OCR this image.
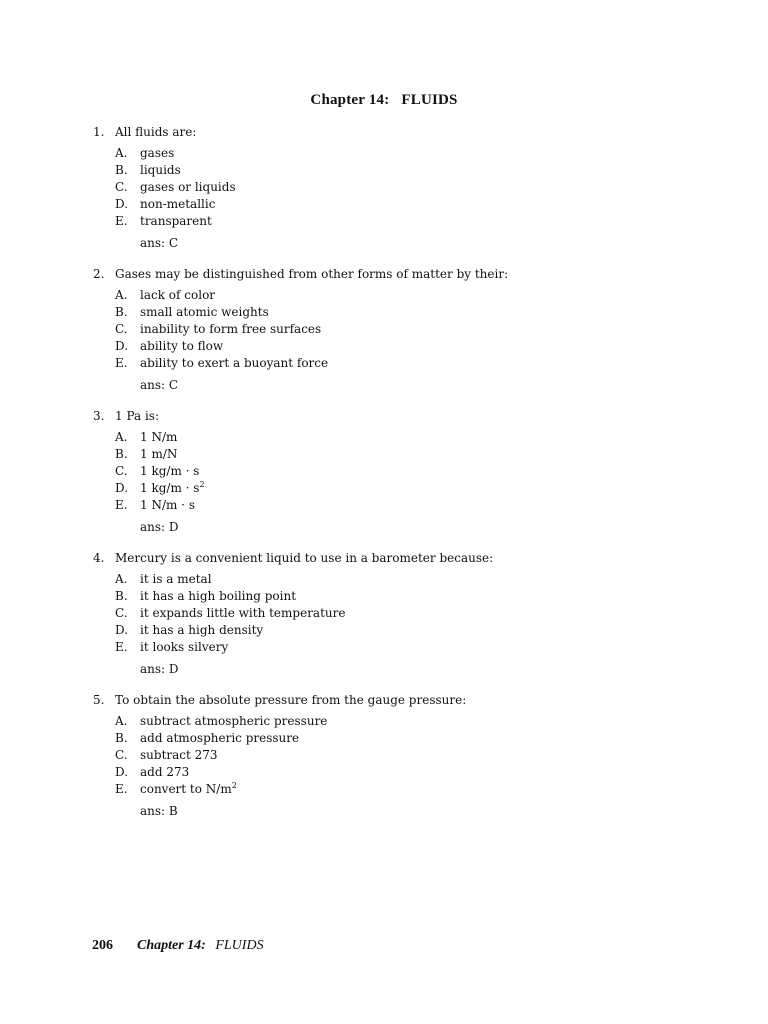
Chapter 14: FLUIDS
1. All fluids are:
A.	gases
B.	liquids
C.	gases or liquids
D. non-metallic
E.	transparent
ans: C
2. Gases may be distinguished from other forms of matter by their:
A.	lack of color
B.	small atomic weights
C.	inability to form free surfaces
D. ability to flow
E.	ability to exert a buoyant force
ans: C
3. 1 Pa is:
A.	1 N/m
B.	1 m/N
C.	1 kg/m · s
D. 1 $kg/m \cdot s^2$
E.	1 N/m · s
ans: D
4. Mercury is a convenient liquid to use in a barometer because:
A.	it is a metal
B.	it has a high boiling point
C.	it expands little with temperature
D. it has a high density
E.	it looks silvery
ans: D
5. To obtain the absolute pressure from the gauge pressure:
A.	subtract atmospheric pressure
B.	add atmospheric pressure
C.	subtract 273
D. add 273
E.	convert to $N/m^2$
ans: B
206 Chapter 14: FLUIDS
